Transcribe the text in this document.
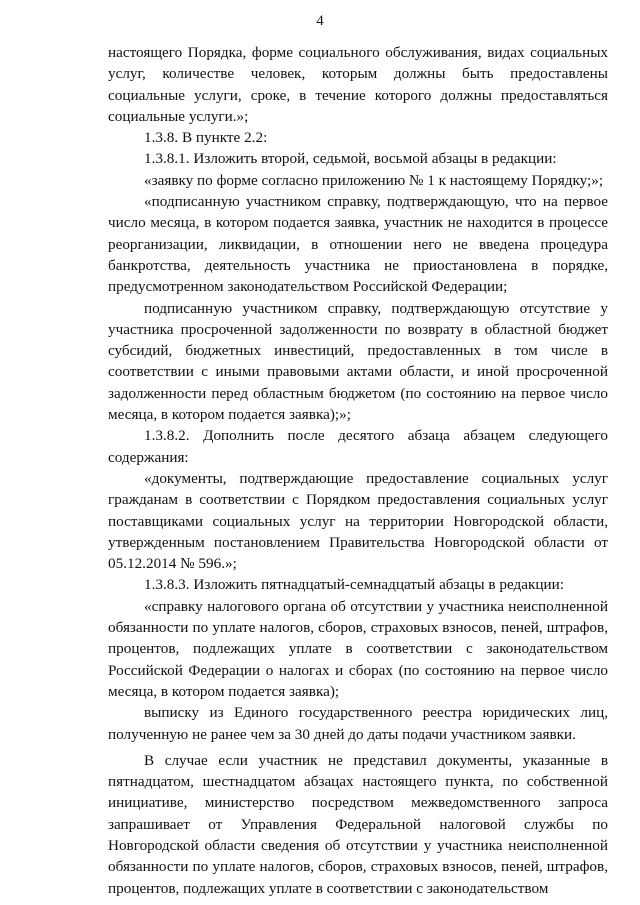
4

настоящего Порядка, форме социального обслуживания, видах социальных услуг, количестве человек, которым должны быть предоставлены социальные услуги, сроке, в течение которого должны предоставляться социальные услуги.»;

1.3.8. В пункте 2.2:

1.3.8.1. Изложить второй, седьмой, восьмой абзацы в редакции:

«заявку по форме согласно приложению № 1 к настоящему Порядку;»;

«подписанную участником справку, подтверждающую, что на первое число месяца, в котором подается заявка, участник не находится в процессе реорганизации, ликвидации, в отношении него не введена процедура банкротства, деятельность участника не приостановлена в порядке, предусмотренном законодательством Российской Федерации;

подписанную участником справку, подтверждающую отсутствие у участника просроченной задолженности по возврату в областной бюджет субсидий, бюджетных инвестиций, предоставленных в том числе в соответствии с иными правовыми актами области, и иной просроченной задолженности перед областным бюджетом (по состоянию на первое число месяца, в котором подается заявка);»;

1.3.8.2. Дополнить после десятого абзаца абзацем следующего содержания:

«документы, подтверждающие предоставление социальных услуг гражданам в соответствии с Порядком предоставления социальных услуг поставщиками социальных услуг на территории Новгородской области, утвержденным постановлением Правительства Новгородской области от 05.12.2014 № 596.»;

1.3.8.3. Изложить пятнадцатый-семнадцатый абзацы в редакции:

«справку налогового органа об отсутствии у участника неисполненной обязанности по уплате налогов, сборов, страховых взносов, пеней, штрафов, процентов, подлежащих уплате в соответствии с законодательством Российской Федерации о налогах и сборах (по состоянию на первое число месяца, в котором подается заявка);

выписку из Единого государственного реестра юридических лиц, полученную не ранее чем за 30 дней до даты подачи участником заявки.

В случае если участник не представил документы, указанные в пятнадцатом, шестнадцатом абзацах настоящего пункта, по собственной инициативе, министерство посредством межведомственного запроса запрашивает от Управления Федеральной налоговой службы по Новгородской области сведения об отсутствии у участника неисполненной обязанности по уплате налогов, сборов, страховых взносов, пеней, штрафов, процентов, подлежащих уплате в соответствии с законодательством
